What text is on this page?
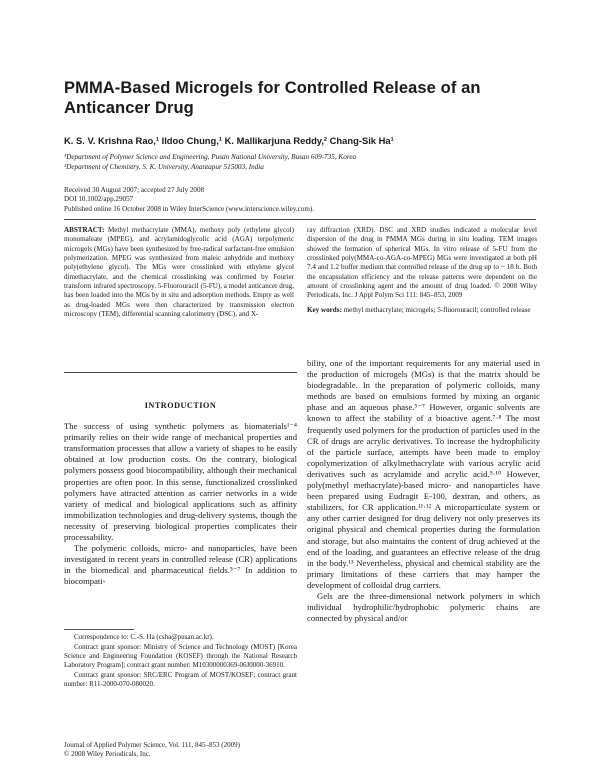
PMMA-Based Microgels for Controlled Release of an Anticancer Drug
K. S. V. Krishna Rao,¹ Ildoo Chung,¹ K. Mallikarjuna Reddy,² Chang-Sik Ha¹
¹Department of Polymer Science and Engineering, Pusan National University, Busan 609-735, Korea
²Department of Chemistry, S. K. University, Anantapur 515003, India
Received 30 August 2007; accepted 27 July 2008
DOI 10.1002/app.29057
Published online 16 October 2008 in Wiley InterScience (www.interscience.wiley.com).
ABSTRACT: Methyl methacrylate (MMA), methoxy poly (ethylene glycol) monomaleate (MPEG), and acrylamidoglycolic acid (AGA) terpolymeric microgels (MGs) have been synthesized by free-radical surfactant-free emulsion polymerization. MPEG was synthesized from maleic anhydride and methoxy poly(ethylene glycol). The MGs were crosslinked with ethylene glycol dimethacrylate, and the chemical crosslinking was confirmed by Fourier transform infrared spectroscopy. 5-Fluorouracil (5-FU), a model anticancer drug, has been loaded into the MGs by in situ and adsorption methods. Empty as well as drug-loaded MGs were then characterized by transmission electron microscopy (TEM), differential scanning calorimetry (DSC), and X-
ray diffraction (XRD). DSC and XRD studies indicated a molecular level dispersion of the drug in PMMA MGs during in situ loading. TEM images showed the formation of spherical MGs. In vitro release of 5-FU from the crosslinked poly(MMA-co-AGA-co-MPEG) MGs were investigated at both pH 7.4 and 1.2 buffer medium that controlled release of the drug up to ~ 18 h. Both the encapsulation efficiency and the release patterns were dependent on the amount of crosslinking agent and the amount of drug loaded. © 2008 Wiley Periodicals, Inc. J Appl Polym Sci 111: 845–853, 2009
Key words: methyl methacrylate; microgels; 5-fluorouracil; controlled release
INTRODUCTION

The success of using synthetic polymers as biomaterials¹⁻⁴ primarily relies on their wide range of mechanical properties and transformation processes that allow a variety of shapes to be easily obtained at low production costs. On the contrary, biological polymers possess good biocompatibility, although their mechanical properties are often poor. In this sense, functionalized crosslinked polymers have attracted attention as carrier networks in a wide variety of medical and biological applications such as affinity immobilization technologies and drug-delivery systems, though the necessity of preserving biological properties complicates their processability.

The polymeric colloids, micro- and nanoparticles, have been investigated in recent years in controlled release (CR) applications in the biomedical and pharmaceutical fields.⁵⁻⁷ In addition to biocompati-

bility, one of the important requirements for any material used in the production of microgels (MGs) is that the matrix should be biodegradable. In the preparation of polymeric colloids, many methods are based on emulsions formed by mixing an organic phase and an aqueous phase.⁵⁻⁷ However, organic solvents are known to affect the stability of a bioactive agent.⁷·⁸ The most frequently used polymers for the production of particles used in the CR of drugs are acrylic derivatives. To increase the hydrophilicity of the particle surface, attempts have been made to employ copolymerization of alkylmethacrylate with various acrylic acid derivatives such as acrylamide and acrylic acid.⁹·¹⁰ However, poly(methyl methacrylate)-based micro- and nanoparticles have been prepared using Eudragit E-100, dextran, and others, as stabilizers, for CR application.¹¹·¹² A microparticulate system or any other carrier designed for drug delivery not only preserves its original physical and chemical properties during the formulation and storage, but also maintains the content of drug achieved at the end of the loading, and guarantees an effective release of the drug in the body.¹³ Nevertheless, physical and chemical stability are the primary limitations of these carriers that may hamper the development of colloidal drug carriers.

Gels are the three-dimensional network polymers in which individual hydrophilic/hydrophobic polymeric chains are connected by physical and/or

Correspondence to: C.-S. Ha (csha@pusan.ac.kr).
Contract grant sponsor: Ministry of Science and Technology (MOST) [Korea Science and Engineering Foundation (KOSEF) through the National Research Laboratory Program]; contract grant number: M10300000369-06J0000-36910.
Contract grant sponsor: SRC/ERC Program of MOST/KOSEF; contract grant number: R11-2000-070-080020.
Journal of Applied Polymer Science, Vol. 111, 845–853 (2009)
© 2008 Wiley Periodicals, Inc.
